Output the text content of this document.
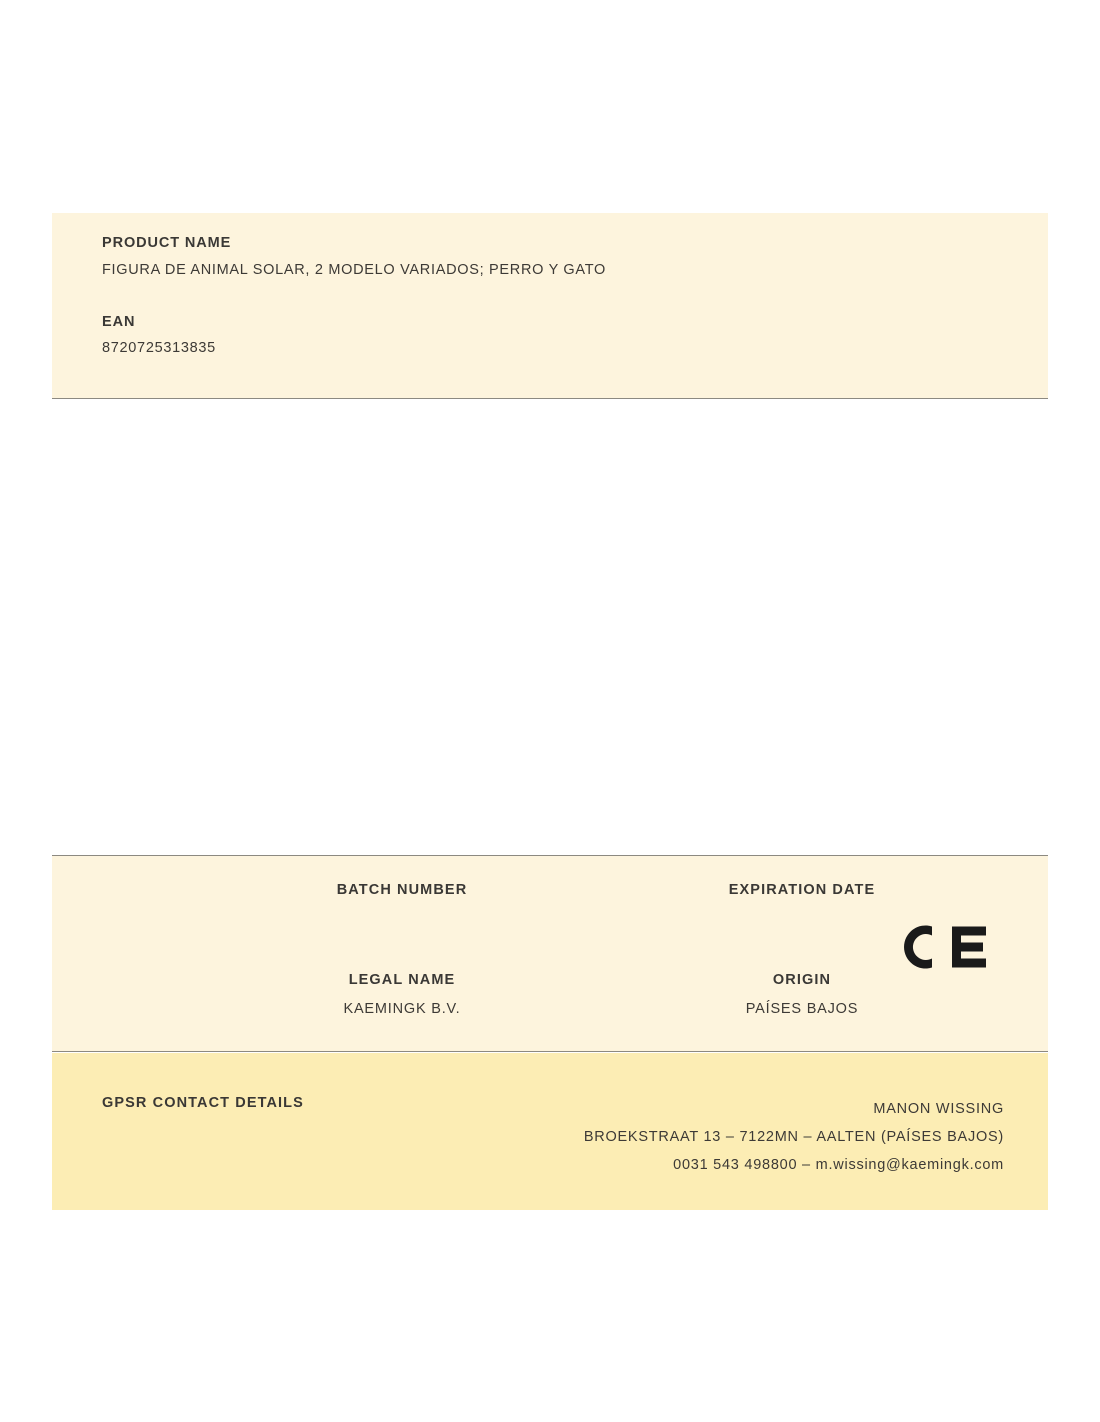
PRODUCT NAME

FIGURA DE ANIMAL SOLAR, 2 MODELO VARIADOS; PERRO Y GATO

EAN

8720725313835

BATCH NUMBER	EXPIRATION DATE
LEGAL NAME
KAEMINGK B.V.
ORIGIN
PAÍSES BAJOS
GPSR CONTACT DETAILS	MANON WISSING
BROEKSTRAAT 13 – 7122MN – AALTEN (PAÍSES BAJOS)
0031 543 498800 – m.wissing@kaemingk.com
